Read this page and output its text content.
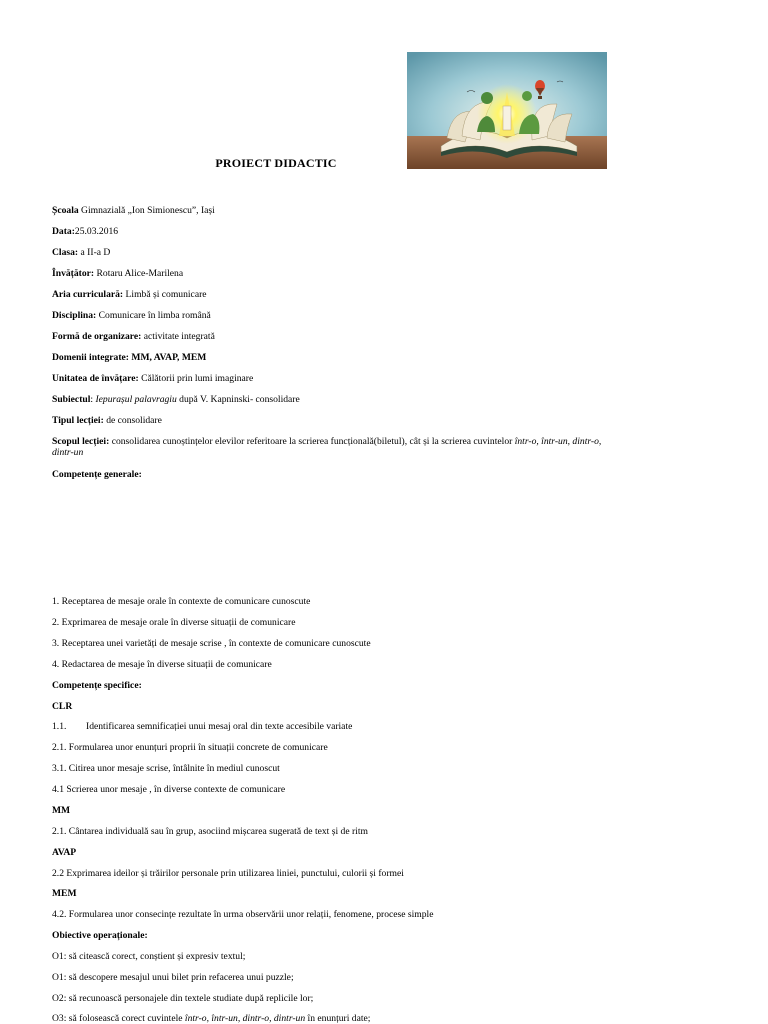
PROIECT DIDACTIC
Școala Gimnazială „Ion Simionescu”, Iași
Data:25.03.2016
Clasa: a II-a D
Învățător: Rotaru Alice-Marilena
Aria curriculară: Limbă și comunicare
Disciplina: Comunicare în limba română
Formă de organizare: activitate integrată
Domenii integrate: MM, AVAP, MEM
Unitatea de învățare: Călătorii prin lumi imaginare
Subiectul: Iepurașul palavragiu după V. Kapninski- consolidare
Tipul lecției: de consolidare
Scopul lecției: consolidarea cunoștințelor elevilor referitoare la scrierea funcțională(biletul), cât și la scrierea cuvintelor într-o, într-un, dintr-o,
dintr-un
Competențe generale:
1. Receptarea de mesaje orale în contexte de comunicare cunoscute
2. Exprimarea de mesaje orale în diverse situații de comunicare
3. Receptarea unei varietăți de mesaje scrise , în contexte de comunicare cunoscute
4. Redactarea de mesaje în diverse situații de comunicare
Competențe specifice:
CLR
1.1. Identificarea semnificației unui mesaj oral din texte accesibile variate
2.1. Formularea unor enunțuri proprii în situații concrete de comunicare
3.1. Citirea unor mesaje scrise, întâlnite în mediul cunoscut
4.1 Scrierea unor mesaje , în diverse contexte de comunicare
MM
2.1. Cântarea individuală sau în grup, asociind mișcarea sugerată de text și de ritm
AVAP
2.2 Exprimarea ideilor și trăirilor personale prin utilizarea liniei, punctului, culorii și formei
MEM
4.2. Formularea unor consecințe rezultate în urma observării unor relații, fenomene, procese simple
Obiective operaționale:
O1: să citească corect, conștient și expresiv textul;
O1: să descopere mesajul unui bilet prin refacerea unui puzzle;
O2: să recunoască personajele din textele studiate după replicile lor;
O3: să folosească corect cuvintele într-o, într-un, dintr-o, dintr-un în enunțuri date;
